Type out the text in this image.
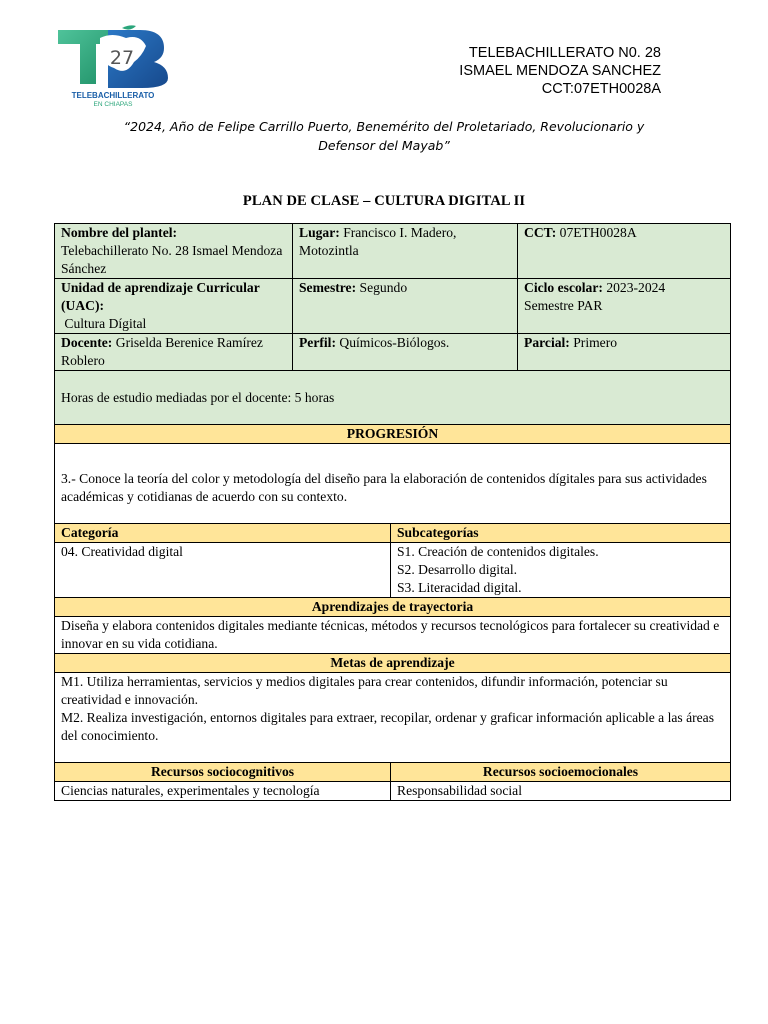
27
TELEBACHILLERATO
EN CHIAPAS
TELEBACHILLERATO N0. 28
ISMAEL MENDOZA SANCHEZ
CCT:07ETH0028A
“2024, Año de Felipe Carrillo Puerto, Benemérito del Proletariado, Revolucionario y
Defensor del Mayab”
PLAN DE CLASE – CULTURA DIGITAL II
Nombre del plantel:
Telebachillerato No. 28 Ismael Mendoza Sánchez	Lugar: Francisco I. Madero, Motozintla		CCT: 07ETH0028A
Unidad de aprendizaje Curricular (UAC):
Cultura Dígital	Semestre: Segundo		Ciclo escolar: 2023-2024
Semestre PAR
Docente: Griselda Berenice Ramírez Roblero	Perfil: Químicos-Biólogos.		Parcial: Primero
Horas de estudio mediadas por el docente: 5 horas			
PROGRESIÓN			
3.- Conoce la teoría del color y metodología del diseño para la elaboración de contenidos dígitales para sus actividades académicas y cotidianas de acuerdo con su contexto.			
Categoría		Subcategorías	
04. Creatividad digital		S1. Creación de contenidos digitales.
S2. Desarrollo digital.
S3. Literacidad digital.	

Aprendizajes de trayectoria			
Diseña y elabora contenidos digitales mediante técnicas, métodos y recursos tecnológicos para fortalecer su creatividad e innovar en su vida cotidiana.			
Metas de aprendizaje			

M1. Utiliza herramientas, servicios y medios digitales para crear contenidos, difundir información, potenciar su creatividad e innovación.
M2. Realiza investigación, entornos digitales para extraer, recopilar, ordenar y graficar información aplicable a las áreas del conocimiento.			

Recursos sociocognitivos		Recursos socioemocionales	
Ciencias naturales, experimentales y tecnología		Responsabilidad social	
